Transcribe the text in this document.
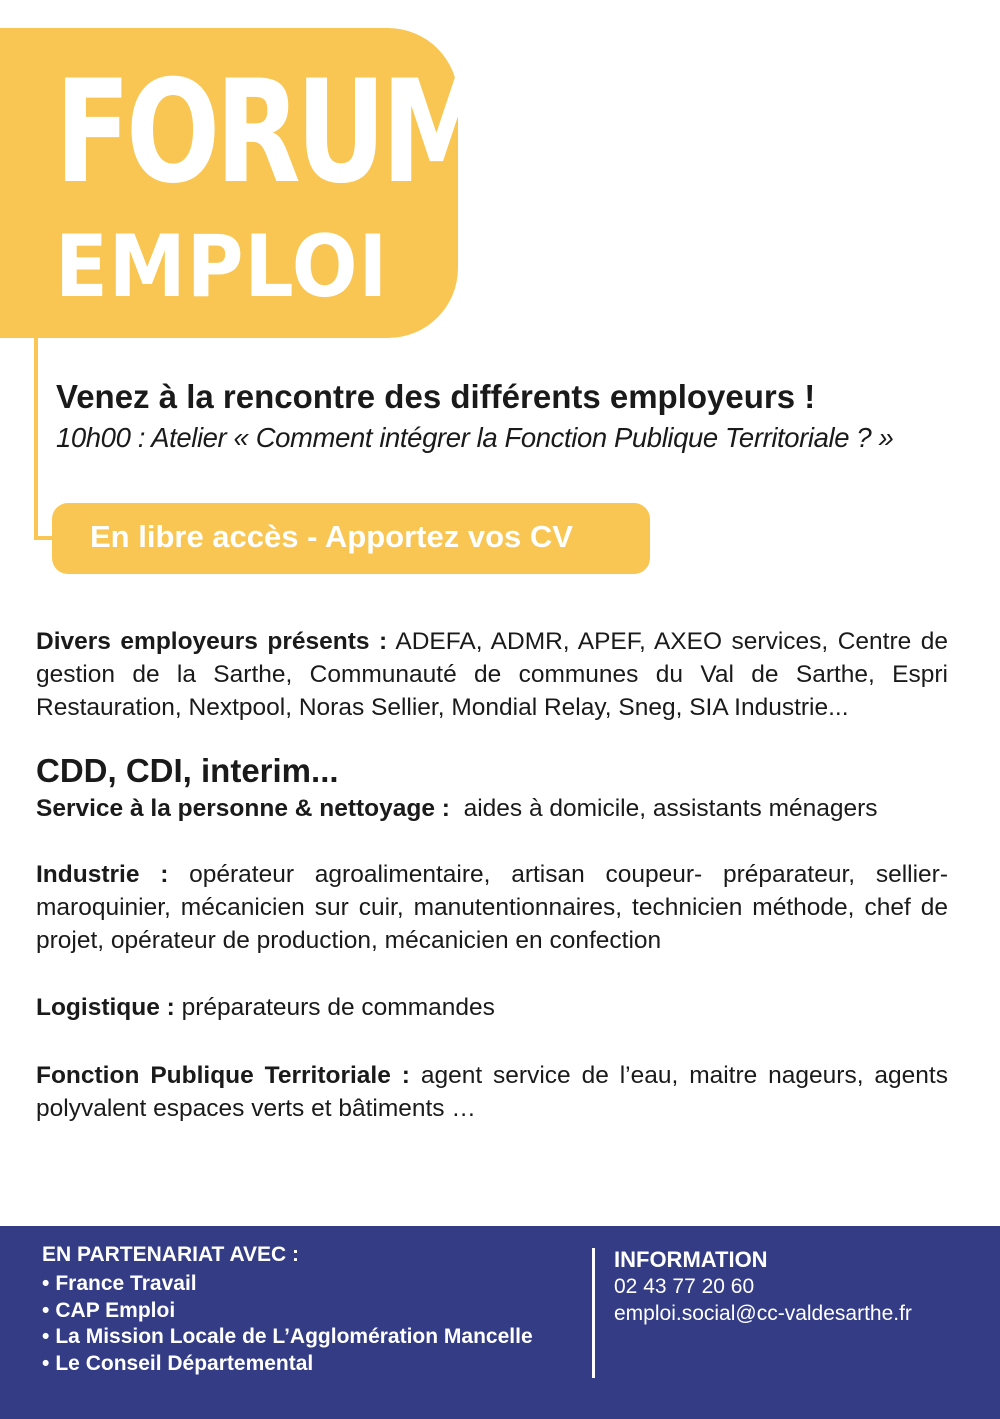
FORUM
EMPLOI
Venez à la rencontre des différents employeurs !
10h00 : Atelier « Comment intégrer la Fonction Publique Territoriale ? »
En libre accès - Apportez vos CV
Divers employeurs présents : ADEFA, ADMR, APEF, AXEO services, Centre de gestion de la Sarthe, Communauté de communes du Val de Sarthe, Espri Restauration, Nextpool, Noras Sellier, Mondial Relay, Sneg, SIA Industrie...
CDD, CDI, interim...
Service à la personne & nettoyage : aides à domicile, assistants ménagers
Industrie : opérateur agroalimentaire, artisan coupeur- préparateur, sellier-maroquinier, mécanicien sur cuir, manutentionnaires, technicien méthode, chef de projet, opérateur de production, mécanicien en confection
Logistique : préparateurs de commandes
Fonction Publique Territoriale : agent service de l’eau, maitre nageurs, agents polyvalent espaces verts et bâtiments …
EN PARTENARIAT AVEC :
• France Travail
• CAP Emploi
• La Mission Locale de L’Agglomération Mancelle
• Le Conseil Départemental
INFORMATION
02 43 77 20 60
emploi.social@cc-valdesarthe.fr
